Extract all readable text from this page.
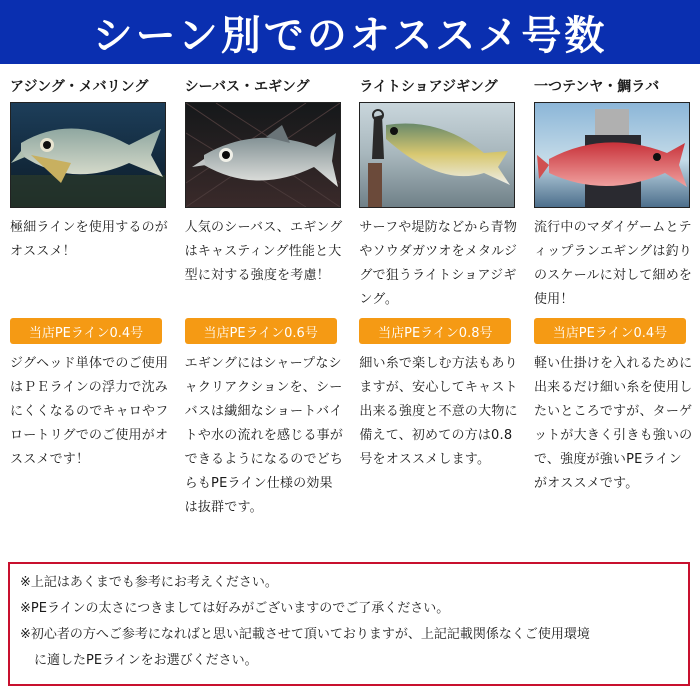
シーン別でのオススメ号数
アジング・メバリング
極細ラインを使用するのがオススメ！
当店PEライン0.4号
ジグヘッド単体でのご使用はＰＥラインの浮力で沈みにくくなるのでキャロやフロートリグでのご使用がオススメです！
シーバス・エギング
人気のシーバス、エギングはキャスティング性能と大型に対する強度を考慮！
当店PEライン0.6号
エギングにはシャープなシャクリアクションを、シーバスは繊細なショートバイトや水の流れを感じる事ができるようになるのでどちらもPEライン仕様の効果は抜群です。
ライトショアジギング
サーフや堤防などから青物やソウダガツオをメタルジグで狙うライトショアジギング。
当店PEライン0.8号
細い糸で楽しむ方法もありますが、安心してキャスト出来る強度と不意の大物に備えて、初めての方は0.8号をオススメします。
一つテンヤ・鯛ラバ
流行中のマダイゲームとティップランエギングは釣りのスケールに対して細めを使用！
当店PEライン0.4号
軽い仕掛けを入れるために出来るだけ細い糸を使用したいところですが、ターゲットが大きく引きも強いので、強度が強いPEラインがオススメです。
※上記はあくまでも参考にお考えください。
※PEラインの太さにつきましては好みがございますのでご了承ください。
※初心者の方へご参考になればと思い記載させて頂いておりますが、上記記載関係なくご使用環境
に適したPEラインをお選びください。
